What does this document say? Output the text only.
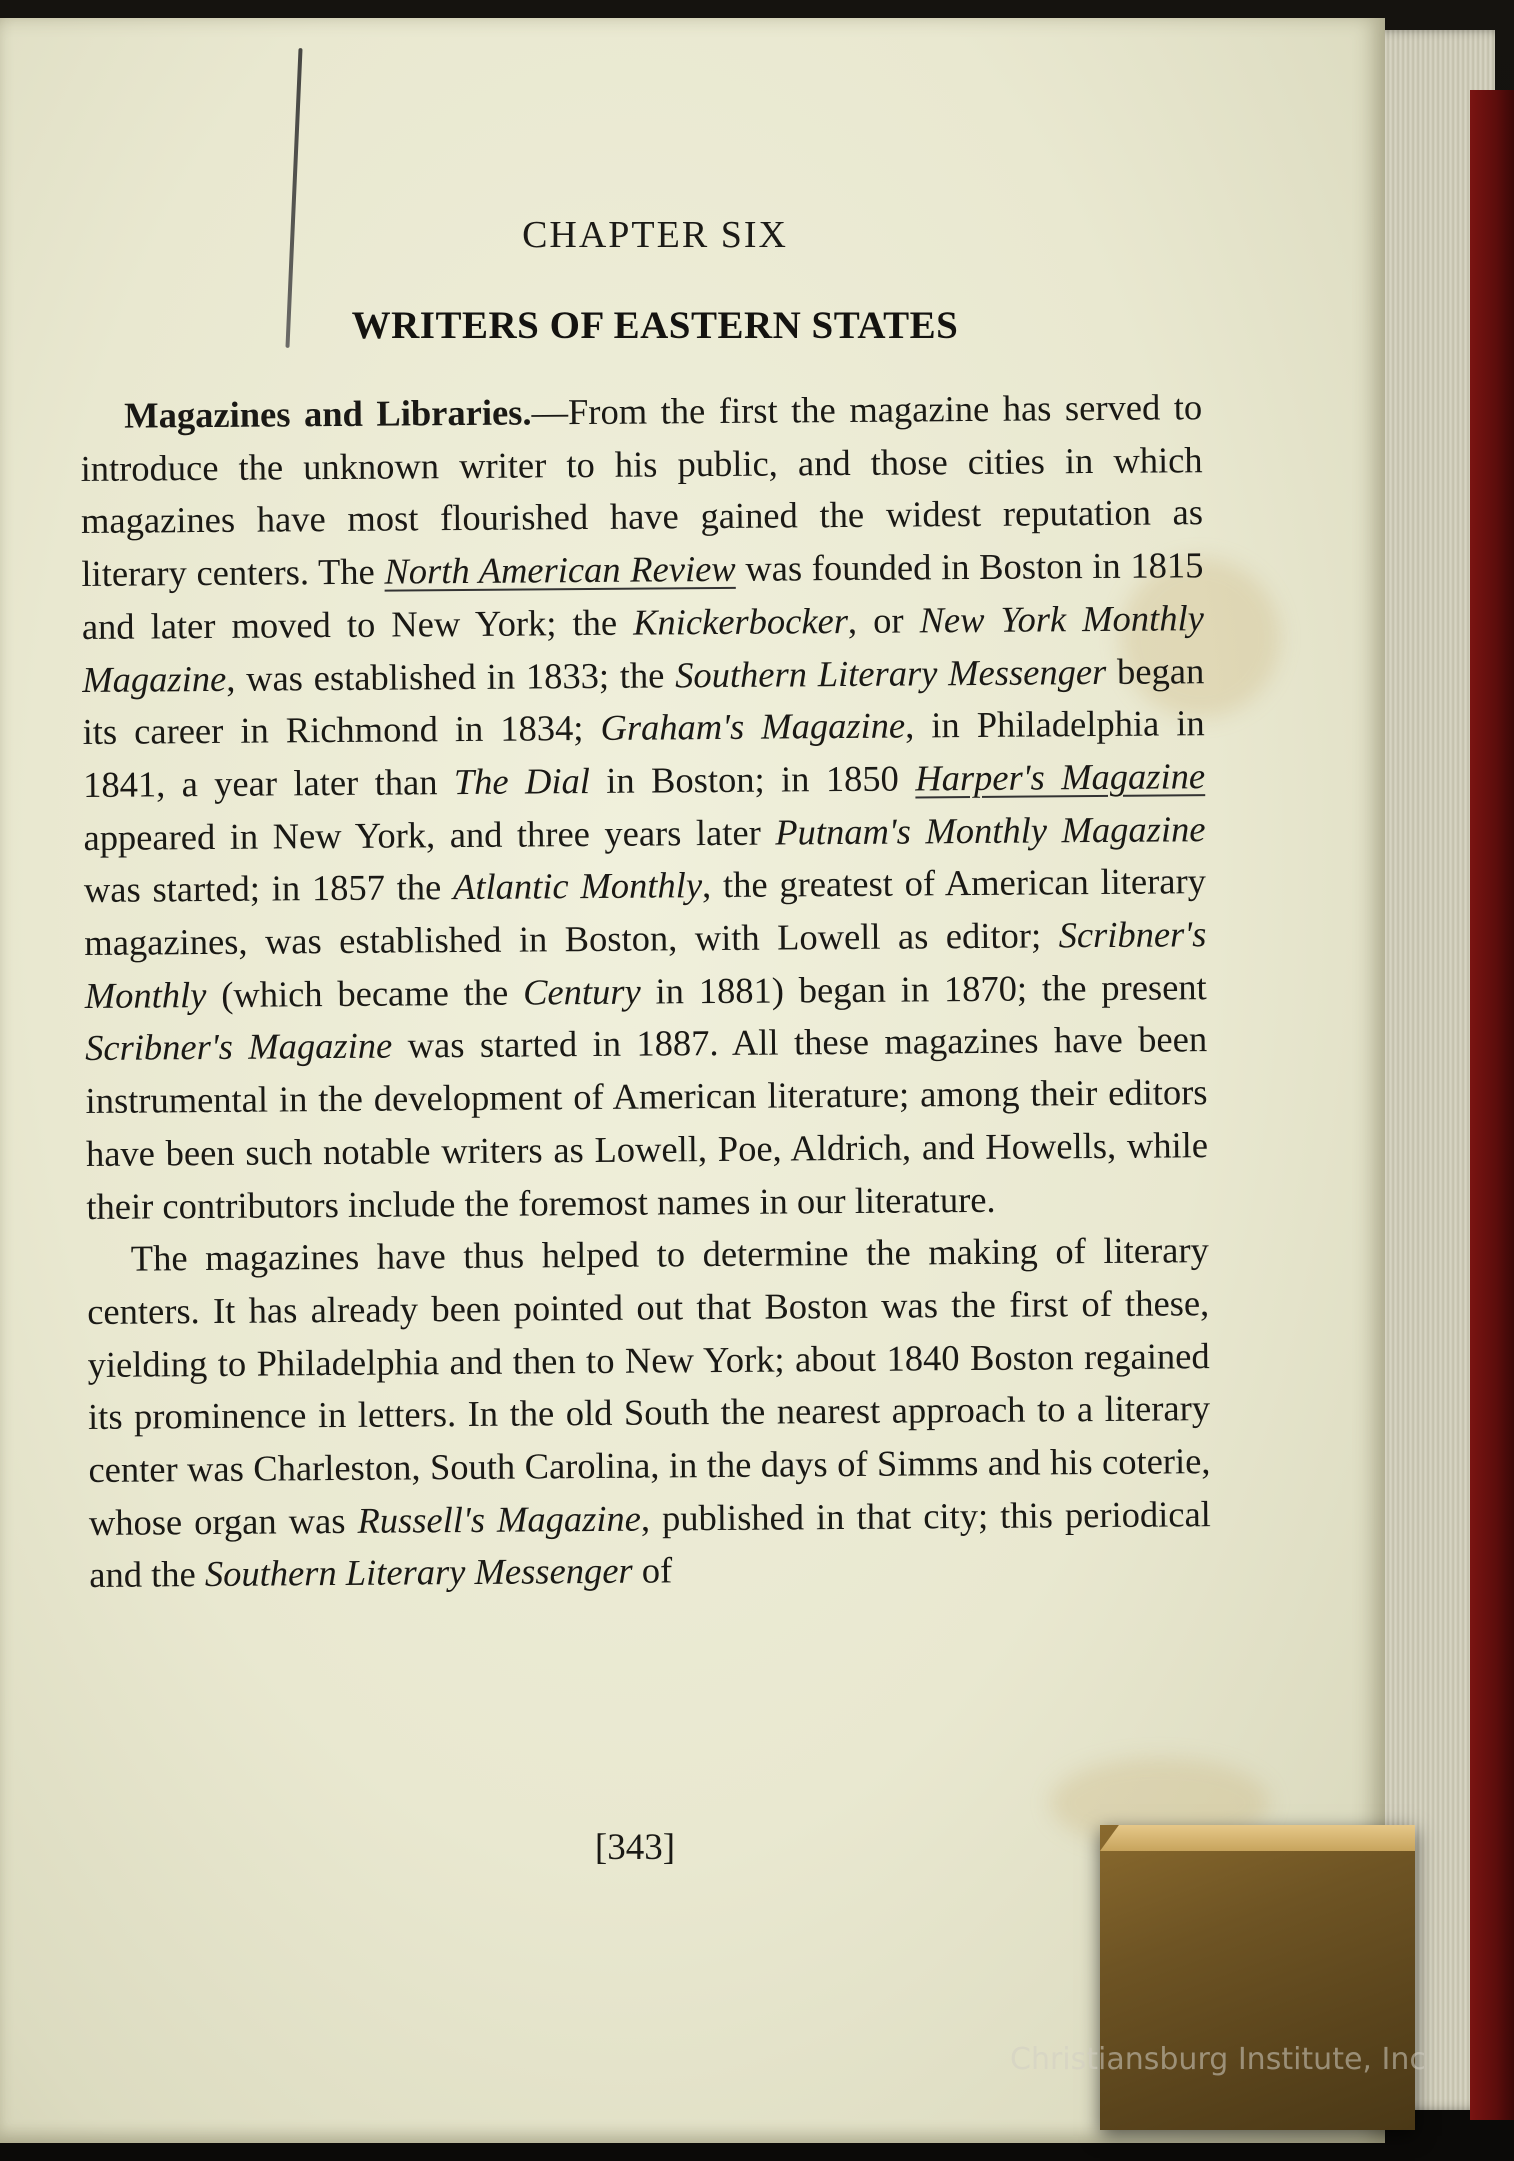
CHAPTER SIX
WRITERS OF EASTERN STATES

Magazines and Libraries.—From the first the magazine has served to introduce the unknown writer to his public, and those cities in which magazines have most flourished have gained the widest reputation as literary centers. The North American Review was founded in Boston in 1815 and later moved to New York; the Knickerbocker, or New York Monthly Magazine, was established in 1833; the Southern Literary Messenger began its career in Richmond in 1834; Graham's Magazine, in Philadelphia in 1841, a year later than The Dial in Boston; in 1850 Harper's Magazine appeared in New York, and three years later Putnam's Monthly Magazine was started; in 1857 the Atlantic Monthly, the greatest of American literary magazines, was established in Boston, with Lowell as editor; Scribner's Monthly (which became the Century in 1881) began in 1870; the present Scribner's Magazine was started in 1887. All these magazines have been instrumental in the development of American literature; among their editors have been such notable writers as Lowell, Poe, Aldrich, and Howells, while their contributors include the foremost names in our literature.

The magazines have thus helped to determine the making of literary centers. It has already been pointed out that Boston was the first of these, yielding to Philadelphia and then to New York; about 1840 Boston regained its prominence in letters. In the old South the nearest approach to a literary center was Charleston, South Carolina, in the days of Simms and his coterie, whose organ was Russell's Magazine, published in that city; this periodical and the Southern Literary Messenger of

[343]
Christiansburg Institute, Inc
